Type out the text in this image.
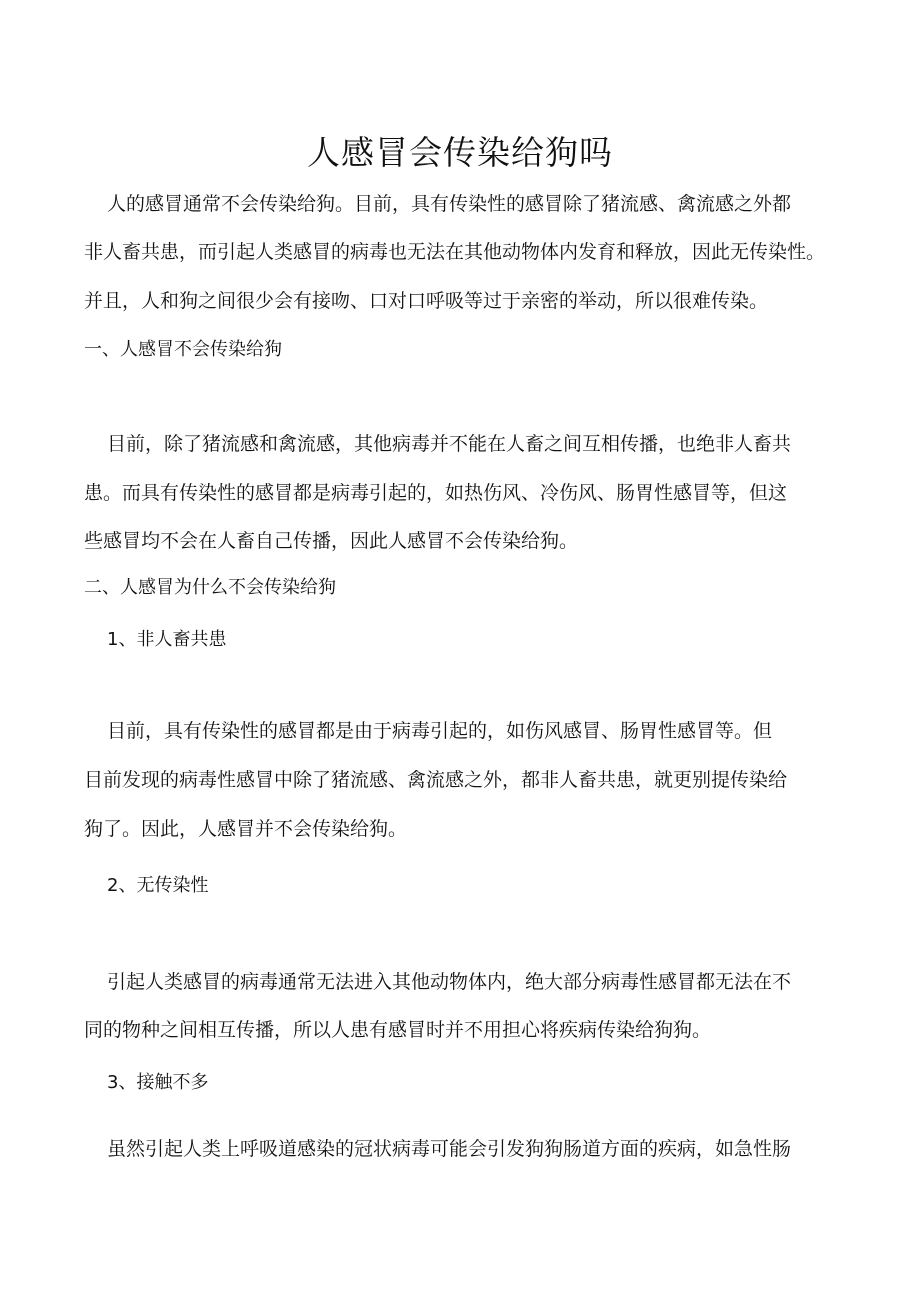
人感冒会传染给狗吗

人的感冒通常不会传染给狗。目前，具有传染性的感冒除了猪流感、禽流感之外都

非人畜共患，而引起人类感冒的病毒也无法在其他动物体内发育和释放，因此无传染性。

并且，人和狗之间很少会有接吻、口对口呼吸等过于亲密的举动，所以很难传染。

一、人感冒不会传染给狗

目前，除了猪流感和禽流感，其他病毒并不能在人畜之间互相传播，也绝非人畜共

患。而具有传染性的感冒都是病毒引起的，如热伤风、冷伤风、肠胃性感冒等，但这

些感冒均不会在人畜自己传播，因此人感冒不会传染给狗。

二、人感冒为什么不会传染给狗

1、非人畜共患

目前，具有传染性的感冒都是由于病毒引起的，如伤风感冒、肠胃性感冒等。但

目前发现的病毒性感冒中除了猪流感、禽流感之外，都非人畜共患，就更别提传染给

狗了。因此，人感冒并不会传染给狗。

2、无传染性

引起人类感冒的病毒通常无法进入其他动物体内，绝大部分病毒性感冒都无法在不

同的物种之间相互传播，所以人患有感冒时并不用担心将疾病传染给狗狗。

3、接触不多

虽然引起人类上呼吸道感染的冠状病毒可能会引发狗狗肠道方面的疾病，如急性肠
